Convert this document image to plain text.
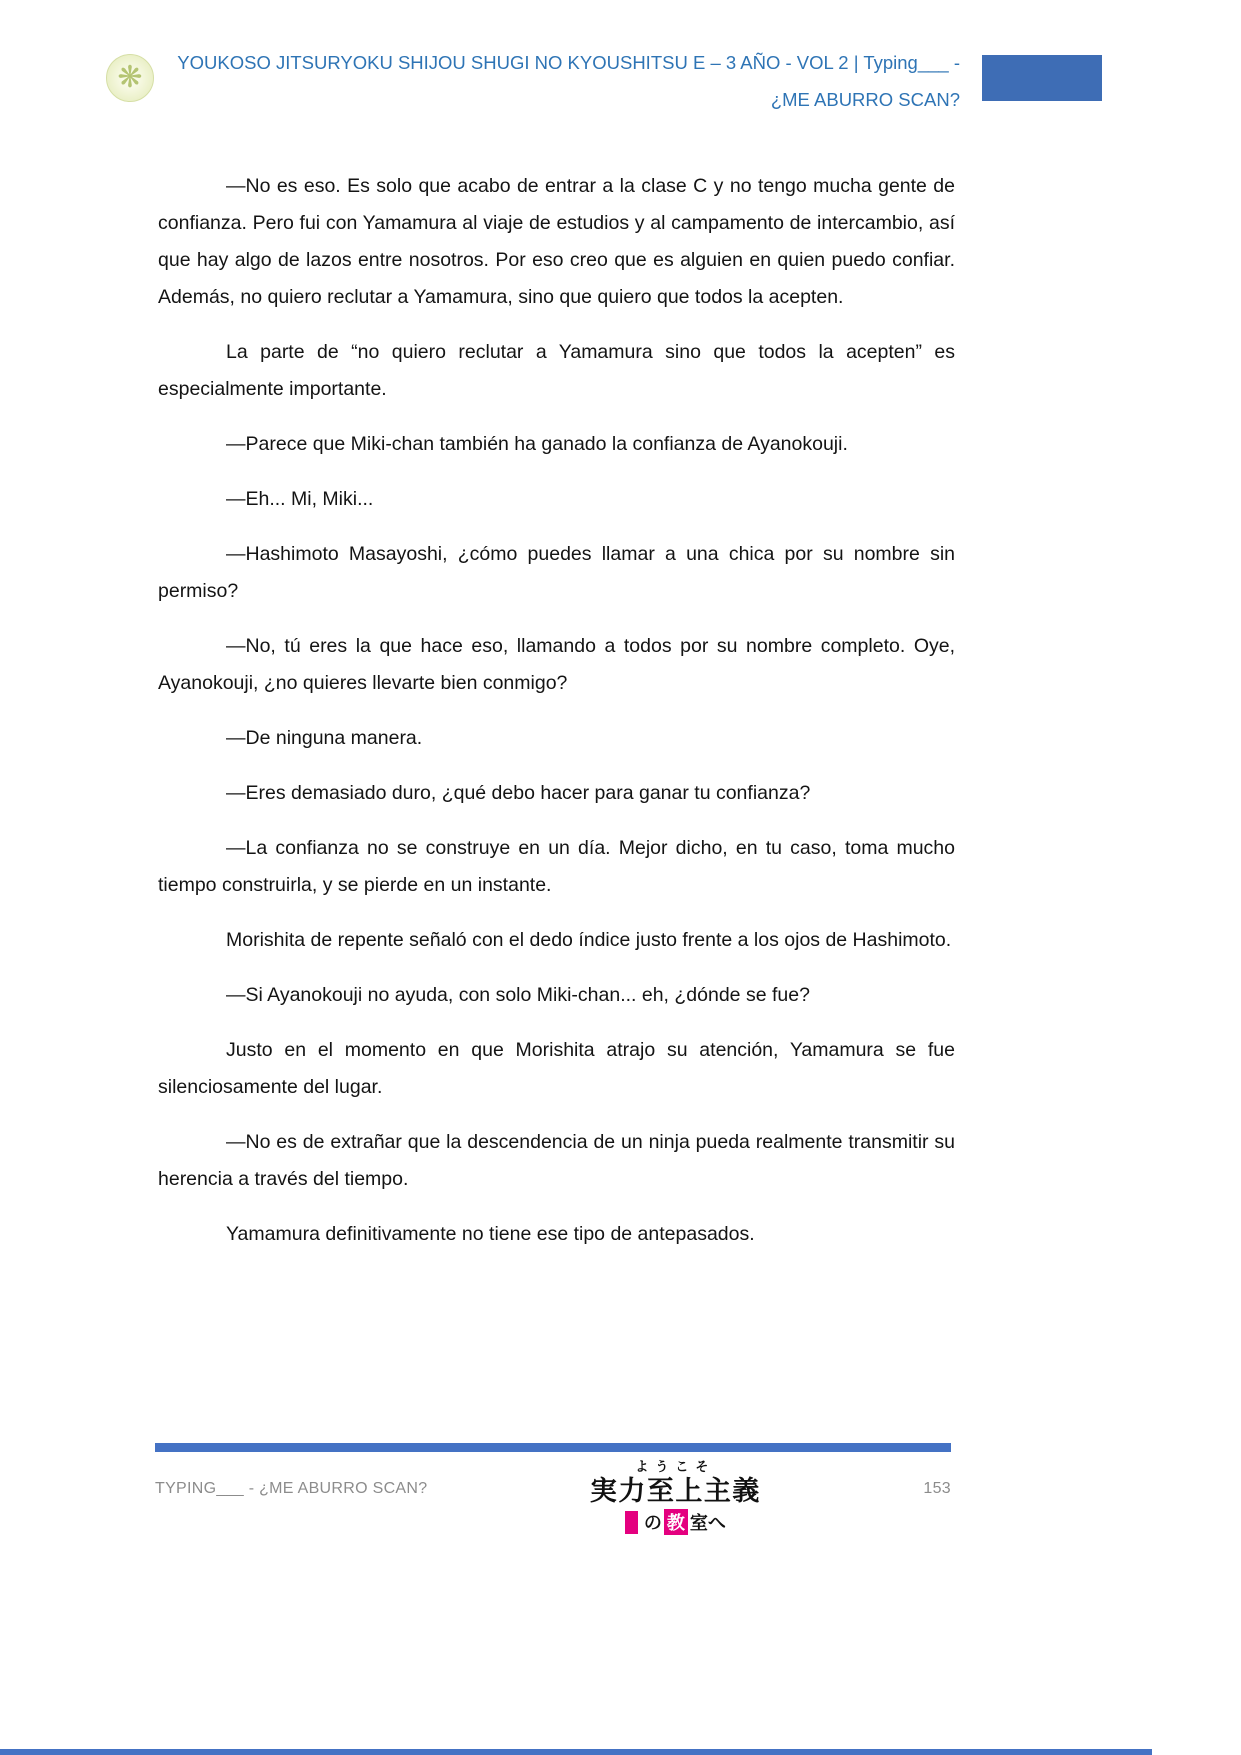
❋	YOUKOSO JITSURYOKU SHIJOU SHUGI NO KYOUSHITSU E – 3 AÑO - VOL 2 | Typing___ - ¿ME ABURRO SCAN?

—No es eso. Es solo que acabo de entrar a la clase C y no tengo mucha gente de confianza. Pero fui con Yamamura al viaje de estudios y al campamento de intercambio, así que hay algo de lazos entre nosotros. Por eso creo que es alguien en quien puedo confiar. Además, no quiero reclutar a Yamamura, sino que quiero que todos la acepten.

La parte de “no quiero reclutar a Yamamura sino que todos la acepten” es especialmente importante.

—Parece que Miki-chan también ha ganado la confianza de Ayanokouji.

—Eh... Mi, Miki...

—Hashimoto Masayoshi, ¿cómo puedes llamar a una chica por su nombre sin permiso?

—No, tú eres la que hace eso, llamando a todos por su nombre completo. Oye, Ayanokouji, ¿no quieres llevarte bien conmigo?

—De ninguna manera.

—Eres demasiado duro, ¿qué debo hacer para ganar tu confianza?

—La confianza no se construye en un día. Mejor dicho, en tu caso, toma mucho tiempo construirla, y se pierde en un instante.

Morishita de repente señaló con el dedo índice justo frente a los ojos de Hashimoto.

—Si Ayanokouji no ayuda, con solo Miki-chan... eh, ¿dónde se fue?

Justo en el momento en que Morishita atrajo su atención, Yamamura se fue silenciosamente del lugar.

—No es de extrañar que la descendencia de un ninja pueda realmente transmitir su herencia a través del tiempo.

Yamamura definitivamente no tiene ese tipo de antepasados.

TYPING___ - ¿ME ABURRO SCAN?
ようこそ
実力至上主義
の 教 室へ
153
